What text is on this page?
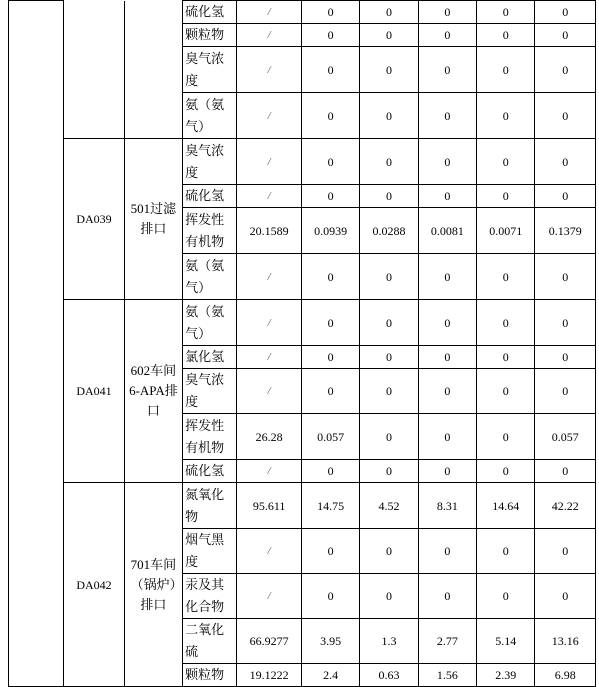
			硫化氢	/	0	0	0	0	0
			颗粒物	/	0	0	0	0	0
			臭气浓度	/	0	0	0	0	0
			氨（氨气）	/	0	0	0	0	0
	DA039	501过滤排口	臭气浓度	/	0	0	0	0	0
			硫化氢	/	0	0	0	0	0
			挥发性有机物	20.1589	0.0939	0.0288	0.0081	0.0071	0.1379
			氨（氨气）	/	0	0	0	0	0
	DA041	602车间6-APA排口	氨（氨气）	/	0	0	0	0	0
			氯化氢	/	0	0	0	0	0
			臭气浓度	/	0	0	0	0	0
			挥发性有机物	26.28	0.057	0	0	0	0.057
			硫化氢	/	0	0	0	0	0
	DA042	701车间（锅炉）排口	氮氧化物	95.611	14.75	4.52	8.31	14.64	42.22
			烟气黑度	/	0	0	0	0	0
			汞及其化合物	/	0	0	0	0	0
			二氧化硫	66.9277	3.95	1.3	2.77	5.14	13.16
			颗粒物	19.1222	2.4	0.63	1.56	2.39	6.98
